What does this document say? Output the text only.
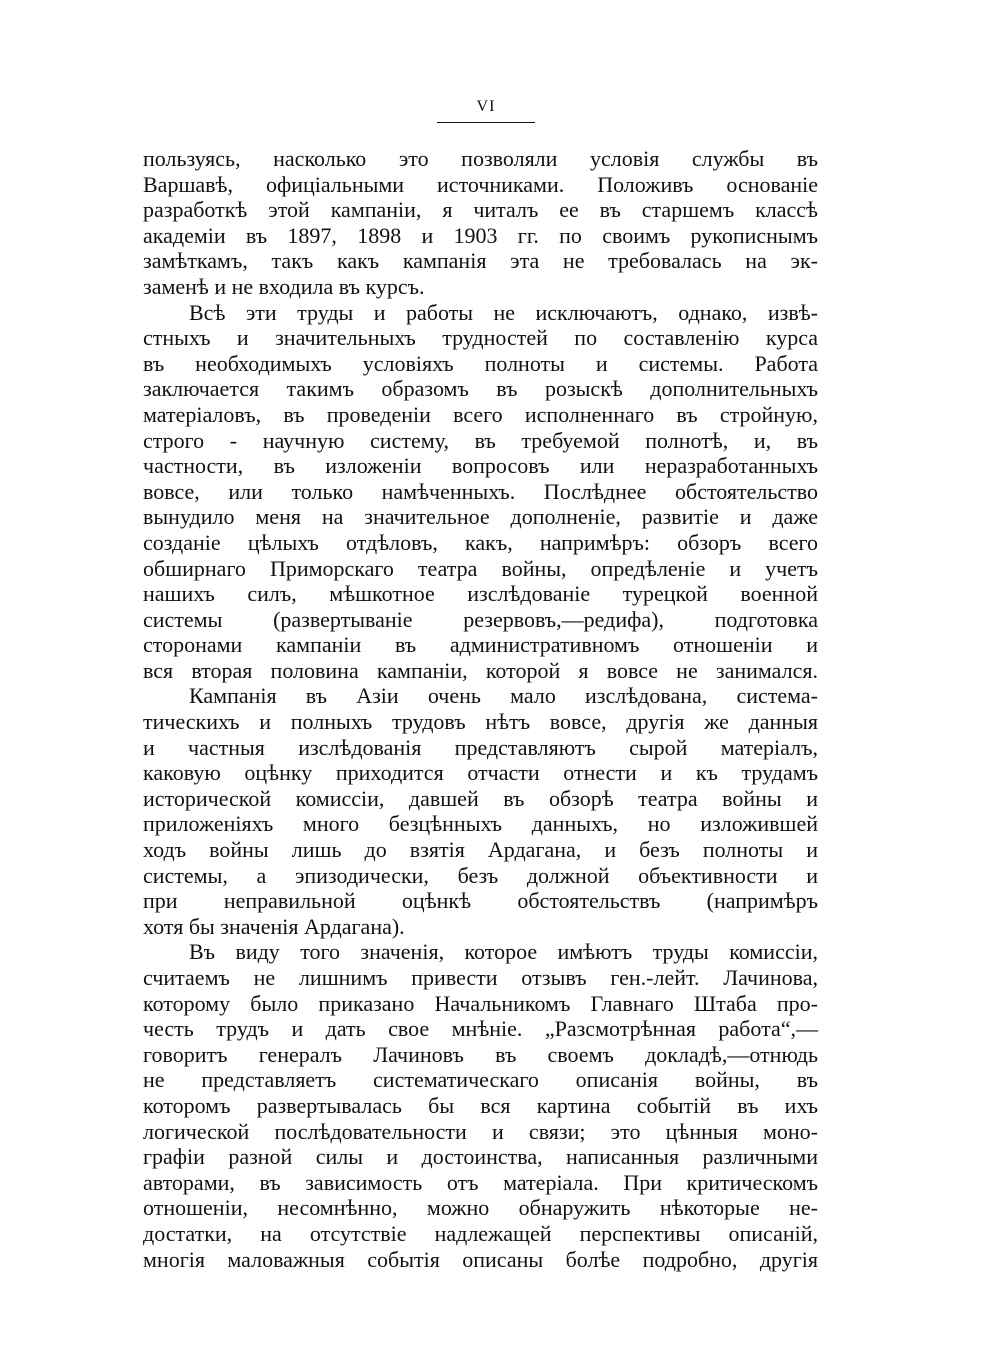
VI
пользуясь, насколько это позволяли условія службы въ
Варшавѣ, офиціальными источниками. Положивъ основаніе
разработкѣ этой кампаніи, я читалъ ее въ старшемъ классѣ
академіи въ 1897, 1898 и 1903 гг. по своимъ рукописнымъ
замѣткамъ, такъ какъ кампанія эта не требовалась на эк-
заменѣ и не входила въ курсъ.
Всѣ эти труды и работы не исключаютъ, однако, извѣ-
стныхъ и значительныхъ трудностей по составленію курса
въ необходимыхъ условіяхъ полноты и системы. Работа
заключается такимъ образомъ въ розыскѣ дополнительныхъ
матеріаловъ, въ проведеніи всего исполненнаго въ стройную,
строго - научную систему, въ требуемой полнотѣ, и, въ
частности, въ изложеніи вопросовъ или неразработанныхъ
вовсе, или только намѣченныхъ. Послѣднее обстоятельство
вынудило меня на значительное дополненіе, развитіе и даже
созданіе цѣлыхъ отдѣловъ, какъ, напримѣръ: обзоръ всего
обширнаго Приморскаго театра войны, опредѣленіе и учетъ
нашихъ силъ, мѣшкотное изслѣдованіе турецкой военной
системы (развертываніе резервовъ,—редифа), подготовка
сторонами кампаніи въ административномъ отношеніи и
вся вторая половина кампаніи, которой я вовсе не занимался.
Кампанія въ Азіи очень мало изслѣдована, система-
тическихъ и полныхъ трудовъ нѣтъ вовсе, другія же данныя
и частныя изслѣдованія представляютъ сырой матеріалъ,
каковую оцѣнку приходится отчасти отнести и къ трудамъ
исторической комиссіи, давшей въ обзорѣ театра войны и
приложеніяхъ много безцѣнныхъ данныхъ, но изложившей
ходъ войны лишь до взятія Ардагана, и безъ полноты и
системы, а эпизодически, безъ должной объективности и
при неправильной оцѣнкѣ обстоятельствъ (напримѣръ
хотя бы значенія Ардагана).
Въ виду того значенія, которое имѣютъ труды комиссіи,
считаемъ не лишнимъ привести отзывъ ген.-лейт. Лачинова,
которому было приказано Начальникомъ Главнаго Штаба про-
честь трудъ и дать свое мнѣніе. „Разсмотрѣнная работа“,—
говоритъ генералъ Лачиновъ въ своемъ докладѣ,—отнюдь
не представляетъ систематическаго описанія войны, въ
которомъ развертывалась бы вся картина событій въ ихъ
логической послѣдовательности и связи; это цѣнныя моно-
графіи разной силы и достоинства, написанныя различными
авторами, въ зависимость отъ матеріала. При критическомъ
отношеніи, несомнѣнно, можно обнаружить нѣкоторые не-
достатки, на отсутствіе надлежащей перспективы описаній,
многія маловажныя событія описаны болѣе подробно, другія
